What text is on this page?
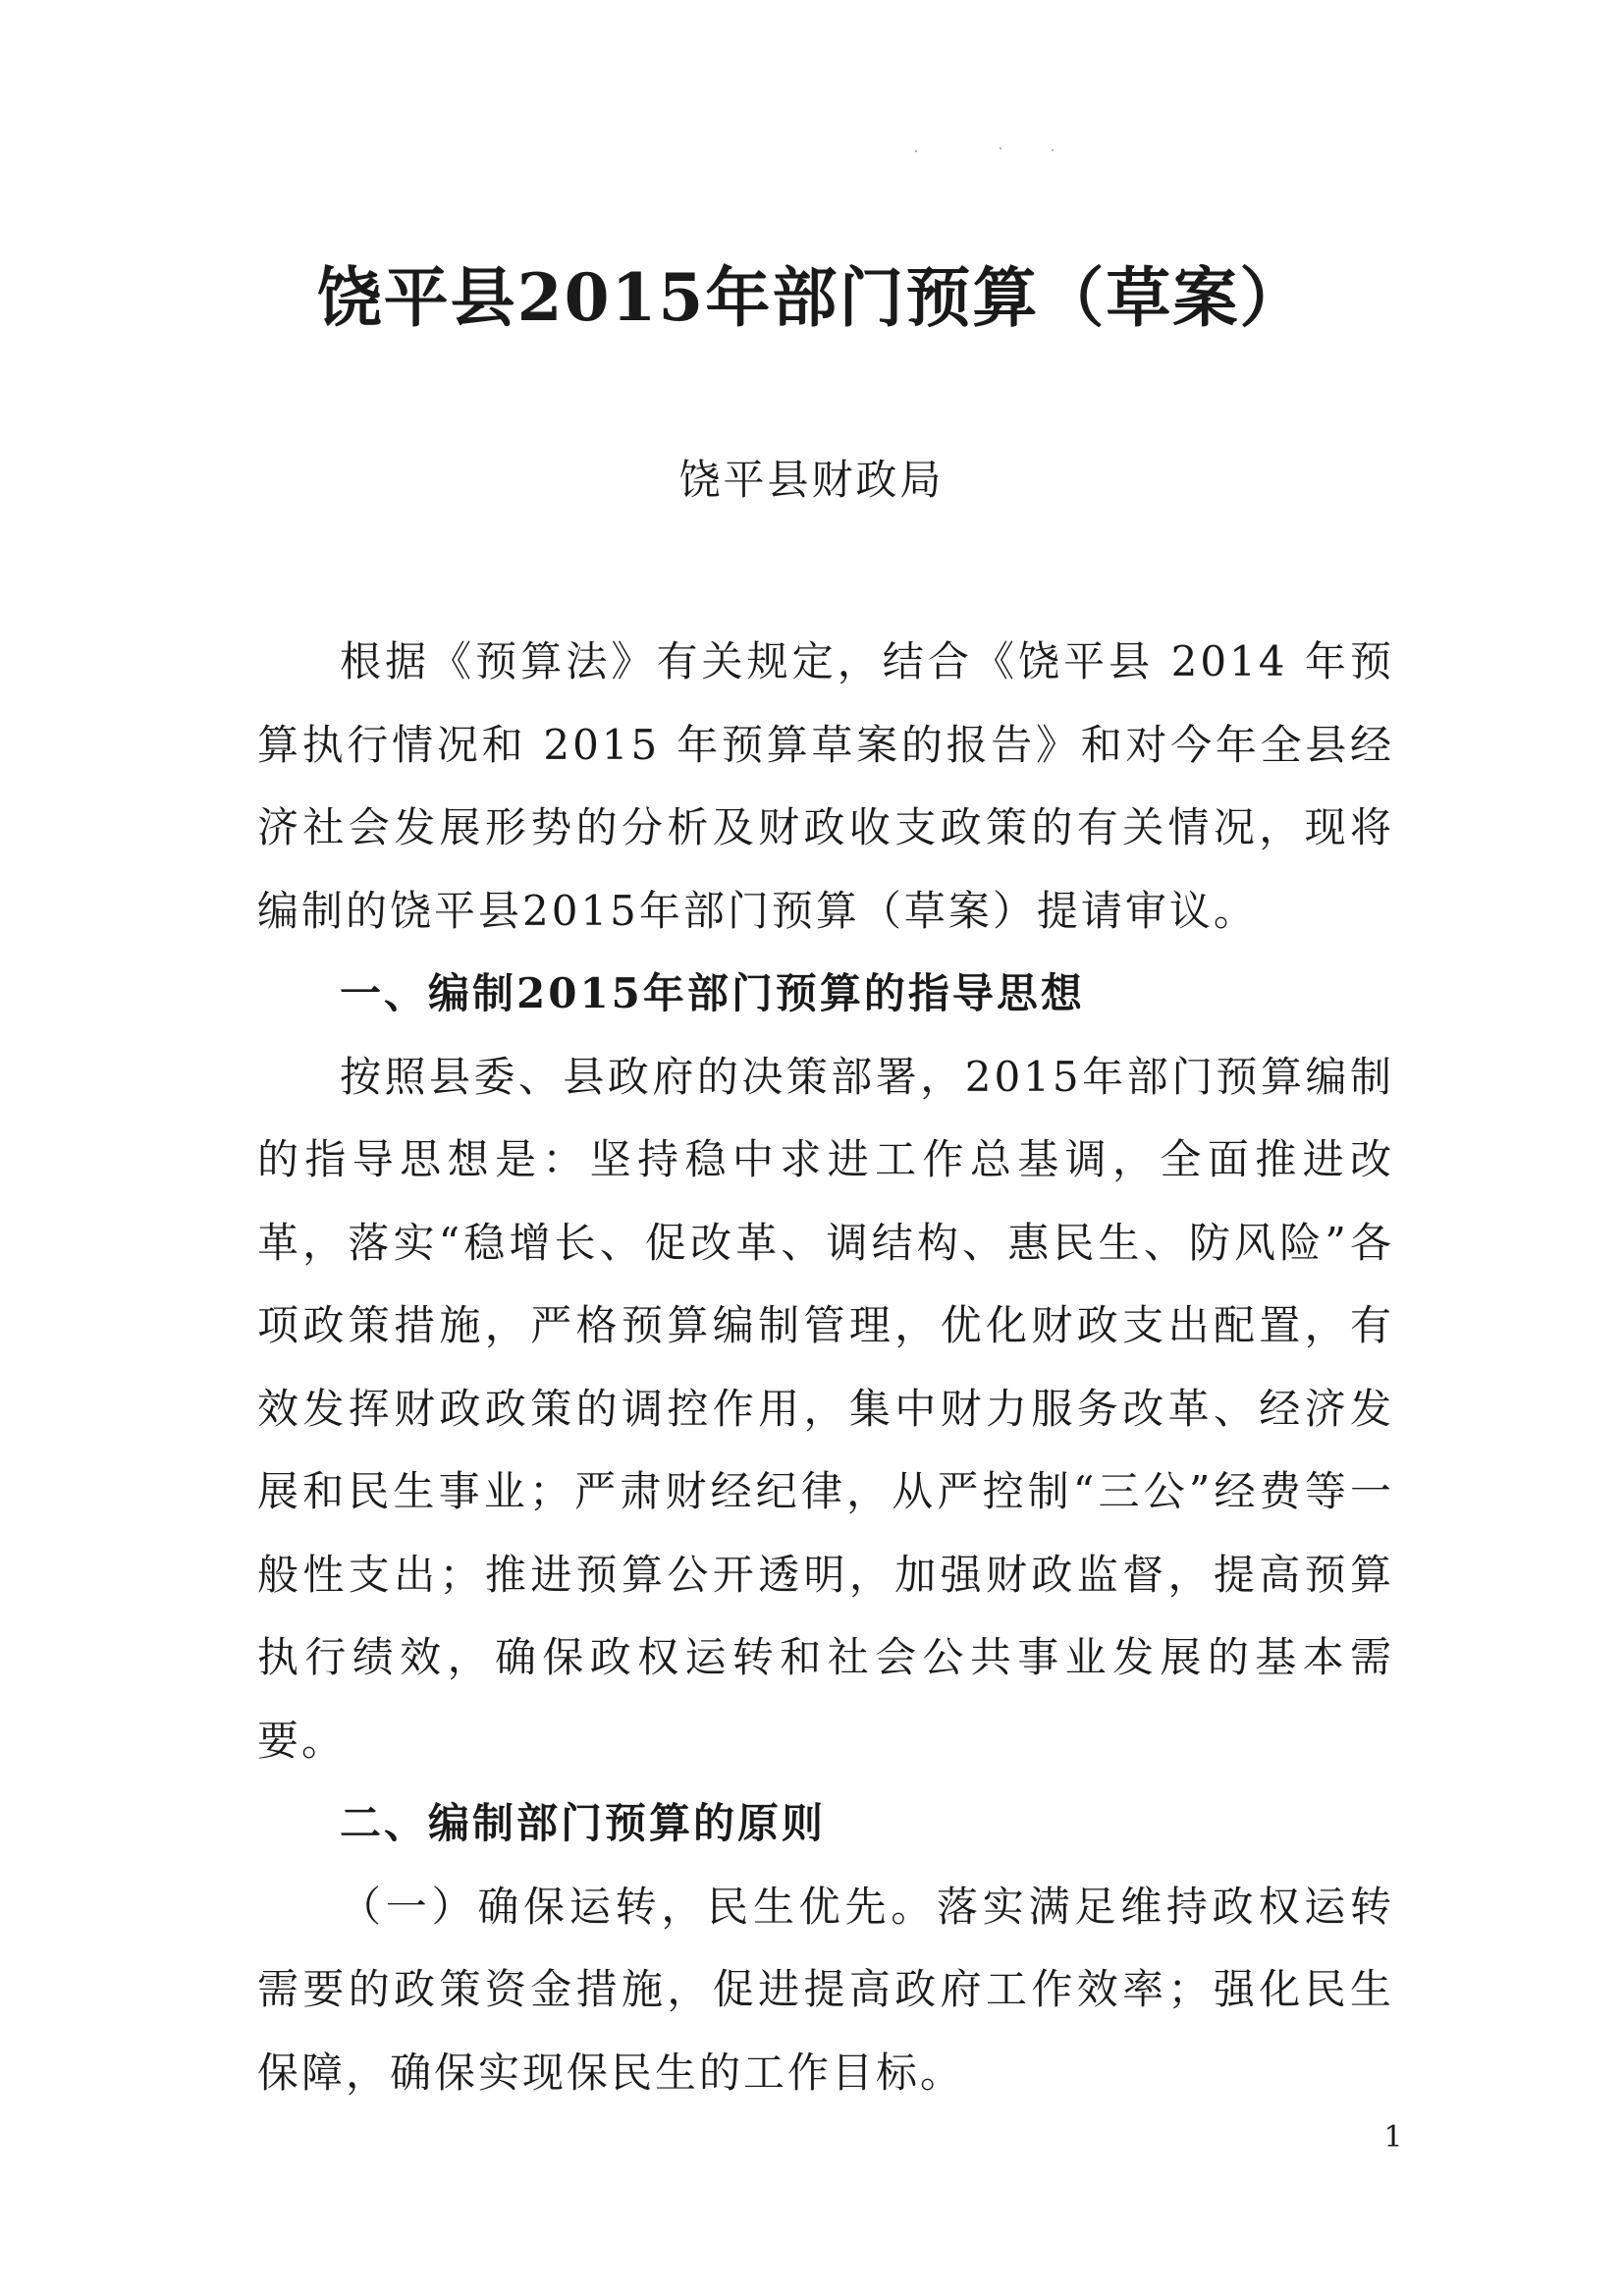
饶平县2015年部门预算（草案）
饶平县财政局

根据《预算法》有关规定，结合《饶平县 2014 年预算执行情况和 2015 年预算草案的报告》和对今年全县经济社会发展形势的分析及财政收支政策的有关情况，现将编制的饶平县2015年部门预算（草案）提请审议。

一、编制2015年部门预算的指导思想

按照县委、县政府的决策部署，2015年部门预算编制的指导思想是：坚持稳中求进工作总基调，全面推进改革，落实“稳增长、促改革、调结构、惠民生、防风险”各项政策措施，严格预算编制管理，优化财政支出配置，有效发挥财政政策的调控作用，集中财力服务改革、经济发展和民生事业；严肃财经纪律，从严控制“三公”经费等一般性支出；推进预算公开透明，加强财政监督，提高预算执行绩效，确保政权运转和社会公共事业发展的基本需要。

二、编制部门预算的原则

（一）确保运转，民生优先。落实满足维持政权运转需要的政策资金措施，促进提高政府工作效率；强化民生保障，确保实现保民生的工作目标。

1
